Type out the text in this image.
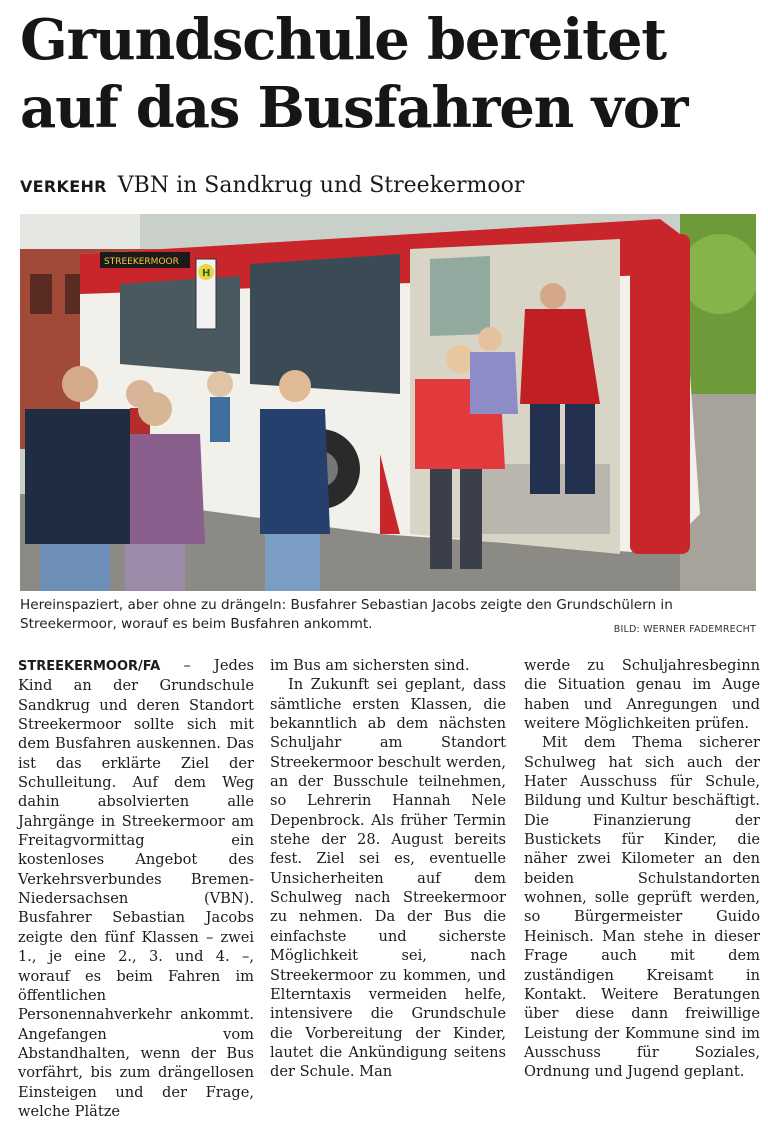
Grundschule bereitet
auf das Busfahren vor
VERKEHR VBN in Sandkrug und Streekermoor
STREEKERMOOR
H

Hereinspaziert, aber ohne zu drängeln: Busfahrer Sebastian Jacobs zeigte den Grundschülern in Streekermoor, worauf es beim Busfahren ankommt.	BILD: WERNER FADEMRECHT

STREEKERMOOR/FA – Jedes Kind an der Grundschule Sandkrug und deren Standort Streekermoor sollte sich mit dem Busfahren auskennen. Das ist das erklärte Ziel der Schulleitung. Auf dem Weg dahin absolvierten alle Jahrgänge in Streekermoor am Freitagvormittag ein kostenloses Angebot des Verkehrsverbundes Bremen-Niedersachsen (VBN). Busfahrer Sebastian Jacobs zeigte den fünf Klassen – zwei 1., je eine 2., 3. und 4. –, worauf es beim Fahren im öffentlichen Personennahverkehr ankommt. Angefangen vom Abstandhalten, wenn der Bus vorfährt, bis zum drängellosen Einsteigen und der Frage, welche Plätze

im Bus am sichersten sind.

In Zukunft sei geplant, dass sämtliche ersten Klassen, die bekanntlich ab dem nächsten Schuljahr am Standort Streekermoor beschult werden, an der Busschule teilnehmen, so Lehrerin Hannah Nele Depenbrock. Als früher Termin stehe der 28. August bereits fest. Ziel sei es, eventuelle Unsicherheiten auf dem Schulweg nach Streekermoor zu nehmen. Da der Bus die einfachste und sicherste Möglichkeit sei, nach Streekermoor zu kommen, und Elterntaxis vermeiden helfe, intensivere die Grundschule die Vorbereitung der Kinder, lautet die Ankündigung seitens der Schule. Man

werde zu Schuljahresbeginn die Situation genau im Auge haben und Anregungen und weitere Möglichkeiten prüfen.

Mit dem Thema sicherer Schulweg hat sich auch der Hater Ausschuss für Schule, Bildung und Kultur beschäftigt. Die Finanzierung der Bustickets für Kinder, die näher zwei Kilometer an den beiden Schulstandorten wohnen, solle geprüft werden, so Bürgermeister Guido Heinisch. Man stehe in dieser Frage auch mit dem zuständigen Kreisamt in Kontakt. Weitere Beratungen über diese dann freiwillige Leistung der Kommune sind im Ausschuss für Soziales, Ordnung und Jugend geplant.
